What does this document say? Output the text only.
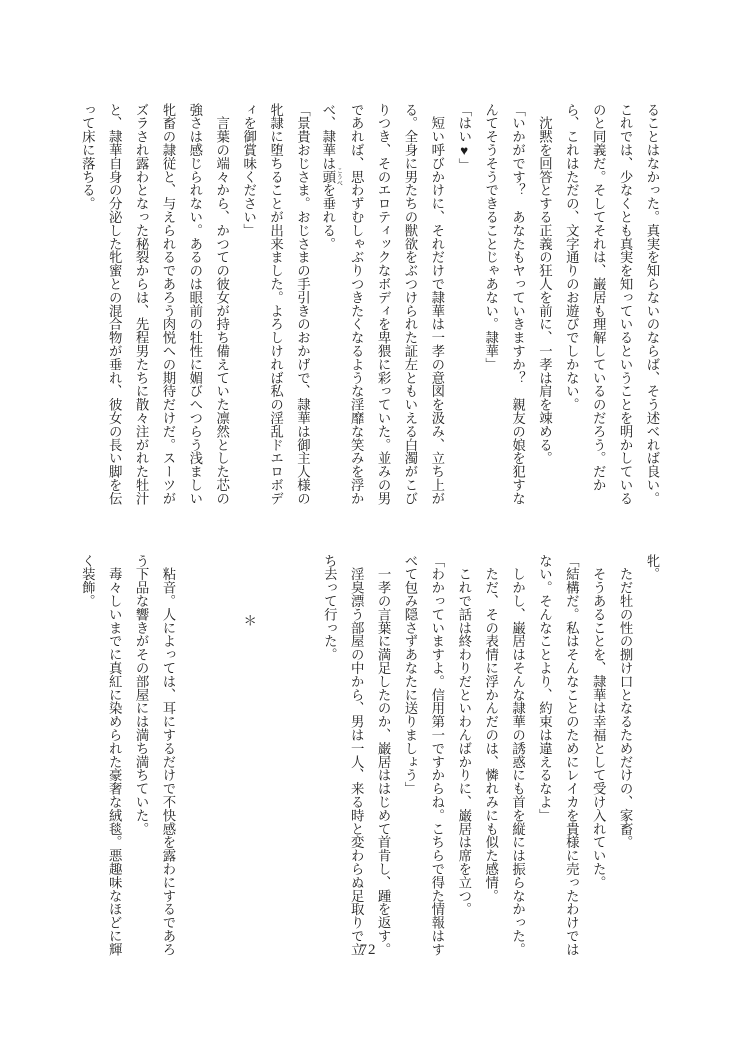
ることはなかった。真実を知らないのならば、そう述べれば良い。
これでは、少なくとも真実を知っているということを明かしている
のと同義だ。そしてそれは、巌居も理解しているのだろう。だか
ら、これはただの、文字通りのお遊びでしかない。
　沈黙を回答とする正義の狂人を前に、一孝は肩を竦める。
「いかがです？　あなたもヤっていきますか？　親友の娘を犯すな
んてそうそうできることじゃあない。隷華」
「はい♥」
　短い呼びかけに、それだけで隷華は一孝の意図を汲み、立ち上が
る。全身に男たちの獣欲をぶつけられた証左ともいえる白濁がこび
りつき、そのエロティックなボディを卑猥に彩っていた。並みの男
であれば、思わずむしゃぶりつきたくなるような淫靡な笑みを浮か
べ、隷華は頭 こうべを垂れる。
「景貴おじさま。おじさまの手引きのおかげで、隷華は御主人様の
牝隷に堕ちることが出来ました。よろしければ私の淫乱ドエロボデ
ィを御賞味ください」
　言葉の端々から、かつての彼女が持ち備えていた凛然とした芯の
強さは感じられない。あるのは眼前の牡性に媚びへつらう浅ましい
牝畜の隷従と、与えられるであろう肉悦への期待だけだ。スーツが
ズラされ露わとなった秘裂からは、先程男たちに散々注がれた牡汁
と、隷華自身の分泌した牝蜜との混合物が垂れ、彼女の長い脚を伝
って床に落ちる。
牝。
　ただ牡の性の捌け口となるためだけの、家畜。
　そうあることを、隷華は幸福として受け入れていた。
「結構だ。私はそんなことのためにレイカを貴様に売ったわけでは
ない。そんなことより、約束は違えるなよ」
　しかし、巌居はそんな隷華の誘惑にも首を縦には振らなかった。
　ただ、その表情に浮かんだのは、憐れみにも似た感情。
　これで話は終わりだといわんばかりに、巌居は席を立つ。
「わかっていますよ。信用第一ですからね。こちらで得た情報はす
べて包み隠さずあなたに送りましょう」
　一孝の言葉に満足したのか、巌居ははじめて首肯し、踵を返す。
　淫臭漂う部屋の中から、男は一人、来る時と変わらぬ足取りで立
ち去って行った。
＊
　粘音。人によっては、耳にするだけで不快感を露わにするであろ
う下品な響きがその部屋には満ち満ちていた。
　毒々しいまでに真紅に染められた豪奢な絨毯。悪趣味なほどに輝
く装飾。
72
